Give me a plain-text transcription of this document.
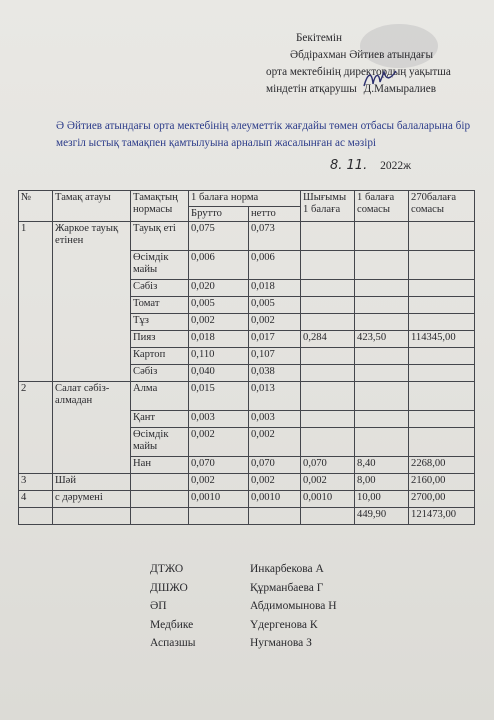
Бекітемін
Әбдірахман Әйтиев атындағы
орта мектебінің директордың уақытша
міндетін атқарушы Д.Мамыралиев
Ә Әйтиев атындағы орта мектебінің әлеуметтік жағдайы төмен отбасы балаларына бір мезгіл ыстық тамақпен қамтылуына арналып жасалынған ас мәзірі
8. 11. 2022ж
№	Тамақ атауы	Тамақтың нормасы	1 балаға норма		Шығымы 1 балаға	1 балаға сомасы	270балаға сомасы
			Брутто	нетто			
1	Жаркое тауық етінен	Тауық еті	0,075	0,073			
		Өсімдік майы	0,006	0,006			
		Сәбіз	0,020	0,018			
		Томат	0,005	0,005			
		Тұз	0,002	0,002			
		Пияз	0,018	0,017	0,284	423,50	114345,00
		Картоп	0,110	0,107			
		Сәбіз	0,040	0,038			
2	Салат сәбіз-алмадан	Алма	0,015	0,013			
		Қант	0,003	0,003			
		Өсімдік майы	0,002	0,002			
		Нан	0,070	0,070	0,070	8,40	2268,00
3	Шәй		0,002	0,002	0,002	8,00	2160,00
4	c дәрумені		0,0010	0,0010	0,0010	10,00	2700,00
						449,90	121473,00
ДТЖО	Инкарбекова А
ДШЖО	Құрманбаева Г
ӘП	Абдимомынова Н
Медбике	Үдергенова К
Аспазшы	Нугманова З
